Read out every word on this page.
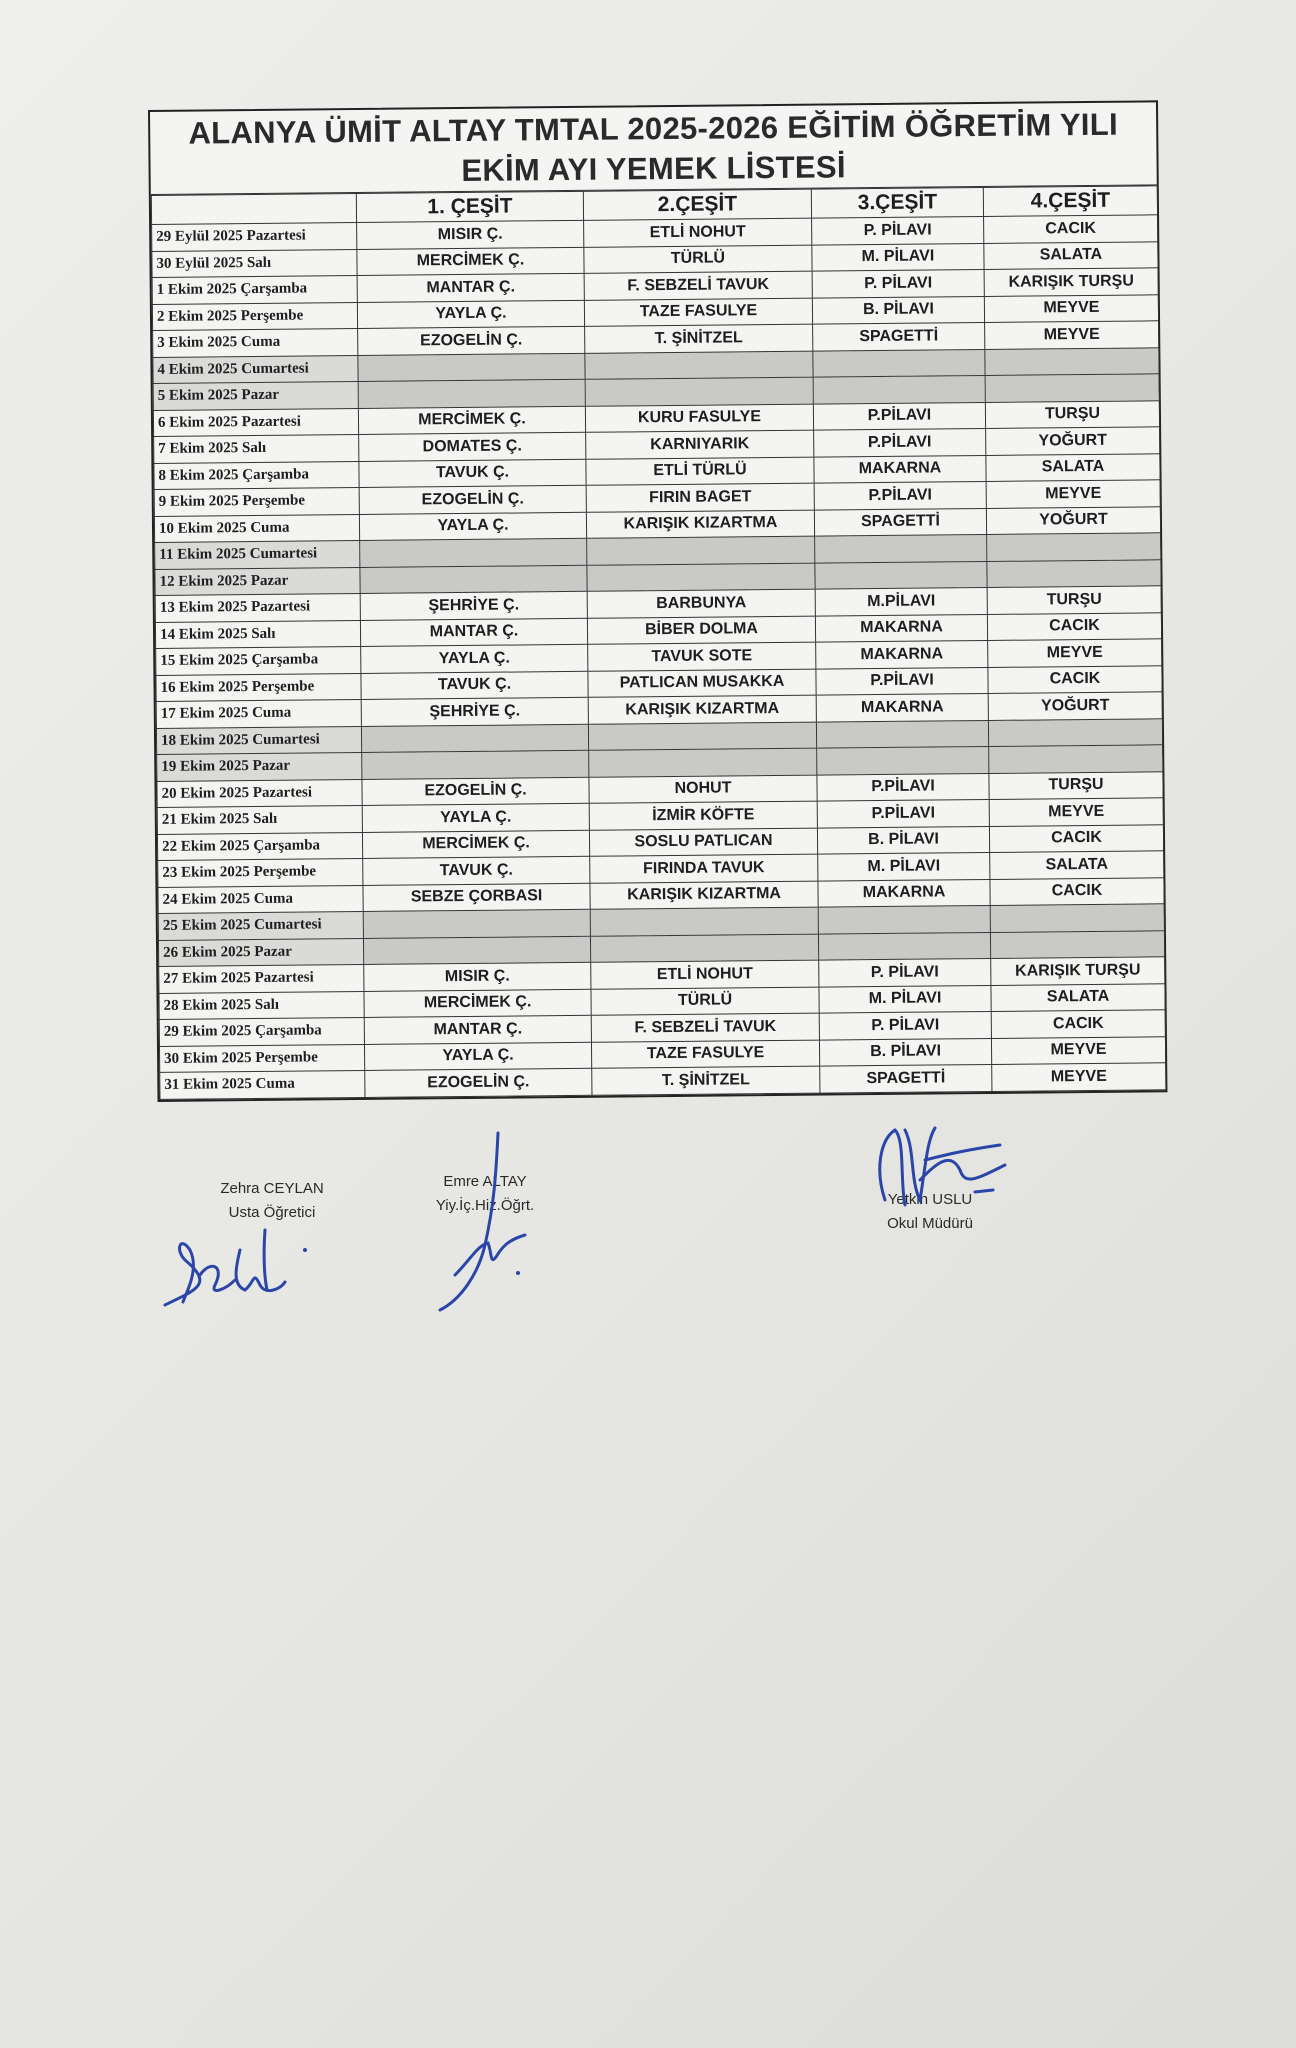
ALANYA ÜMİT ALTAY TMTAL 2025-2026 EĞİTİM ÖĞRETİM YILI
EKİM AYI YEMEK LİSTESİ
	1. ÇEŞİT	2.ÇEŞİT	3.ÇEŞİT	4.ÇEŞİT
29 Eylül 2025 Pazartesi	MISIR Ç.	ETLİ NOHUT	P. PİLAVI	CACIK
30 Eylül 2025 Salı	MERCİMEK Ç.	TÜRLÜ	M. PİLAVI	SALATA
1 Ekim 2025 Çarşamba	MANTAR Ç.	F. SEBZELİ TAVUK	P. PİLAVI	KARIŞIK TURŞU
2 Ekim 2025 Perşembe	YAYLA Ç.	TAZE FASULYE	B. PİLAVI	MEYVE
3 Ekim 2025 Cuma	EZOGELİN Ç.	T. ŞİNİTZEL	SPAGETTİ	MEYVE
4 Ekim 2025 Cumartesi				
5 Ekim 2025 Pazar				
6 Ekim 2025 Pazartesi	MERCİMEK Ç.	KURU FASULYE	P.PİLAVI	TURŞU
7 Ekim 2025 Salı	DOMATES Ç.	KARNIYARIK	P.PİLAVI	YOĞURT
8 Ekim 2025 Çarşamba	TAVUK Ç.	ETLİ TÜRLÜ	MAKARNA	SALATA
9 Ekim 2025 Perşembe	EZOGELİN Ç.	FIRIN BAGET	P.PİLAVI	MEYVE
10 Ekim 2025 Cuma	YAYLA Ç.	KARIŞIK KIZARTMA	SPAGETTİ	YOĞURT
11 Ekim 2025 Cumartesi				
12 Ekim 2025 Pazar				
13 Ekim 2025 Pazartesi	ŞEHRİYE Ç.	BARBUNYA	M.PİLAVI	TURŞU
14 Ekim 2025 Salı	MANTAR Ç.	BİBER DOLMA	MAKARNA	CACIK
15 Ekim 2025 Çarşamba	YAYLA Ç.	TAVUK SOTE	MAKARNA	MEYVE
16 Ekim 2025 Perşembe	TAVUK Ç.	PATLICAN MUSAKKA	P.PİLAVI	CACIK
17 Ekim 2025 Cuma	ŞEHRİYE Ç.	KARIŞIK KIZARTMA	MAKARNA	YOĞURT
18 Ekim 2025 Cumartesi				
19 Ekim 2025 Pazar				
20 Ekim 2025 Pazartesi	EZOGELİN Ç.	NOHUT	P.PİLAVI	TURŞU
21 Ekim 2025 Salı	YAYLA Ç.	İZMİR KÖFTE	P.PİLAVI	MEYVE
22 Ekim 2025 Çarşamba	MERCİMEK Ç.	SOSLU PATLICAN	B. PİLAVI	CACIK
23 Ekim 2025 Perşembe	TAVUK Ç.	FIRINDA TAVUK	M. PİLAVI	SALATA
24 Ekim 2025 Cuma	SEBZE ÇORBASI	KARIŞIK KIZARTMA	MAKARNA	CACIK
25 Ekim 2025 Cumartesi				
26 Ekim 2025 Pazar				
27 Ekim 2025 Pazartesi	MISIR Ç.	ETLİ NOHUT	P. PİLAVI	KARIŞIK TURŞU
28 Ekim 2025 Salı	MERCİMEK Ç.	TÜRLÜ	M. PİLAVI	SALATA
29 Ekim 2025 Çarşamba	MANTAR Ç.	F. SEBZELİ TAVUK	P. PİLAVI	CACIK
30 Ekim 2025 Perşembe	YAYLA Ç.	TAZE FASULYE	B. PİLAVI	MEYVE
31 Ekim 2025 Cuma	EZOGELİN Ç.	T. ŞİNİTZEL	SPAGETTİ	MEYVE
Zehra CEYLAN
Usta Öğretici
Emre ALTAY
Yiy.İç.Hiz.Öğrt.	Yetkin USLU
Okul Müdürü
